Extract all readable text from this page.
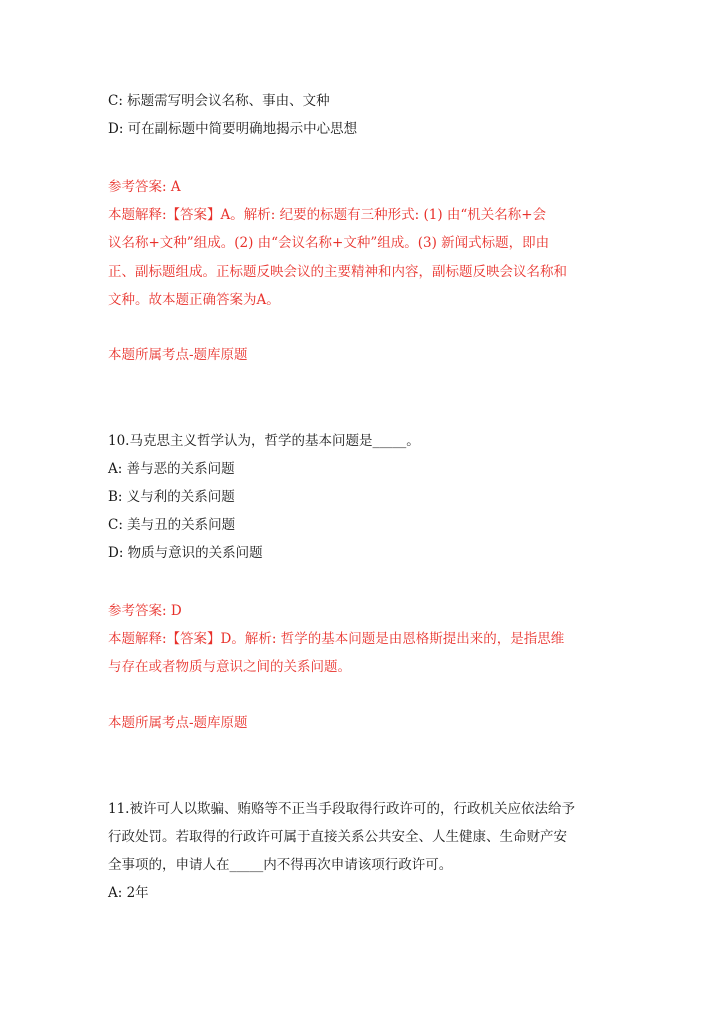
C: 标题需写明会议名称、事由、文种
D: 可在副标题中简要明确地揭示中心思想
参考答案: A
本题解释:【答案】A。解析: 纪要的标题有三种形式: (1) 由“机关名称+会
议名称+文种”组成。(2) 由“会议名称+文种”组成。(3) 新闻式标题，即由
正、副标题组成。正标题反映会议的主要精神和内容，副标题反映会议名称和
文种。故本题正确答案为A。
本题所属考点-题库原题
10.马克思主义哲学认为，哲学的基本问题是_____。
A: 善与恶的关系问题
B: 义与利的关系问题
C: 美与丑的关系问题
D: 物质与意识的关系问题
参考答案: D
本题解释:【答案】D。解析: 哲学的基本问题是由恩格斯提出来的，是指思维
与存在或者物质与意识之间的关系问题。
本题所属考点-题库原题
11.被许可人以欺骗、贿赂等不正当手段取得行政许可的，行政机关应依法给予
行政处罚。若取得的行政许可属于直接关系公共安全、人生健康、生命财产安
全事项的，申请人在_____内不得再次申请该项行政许可。
A: 2年
